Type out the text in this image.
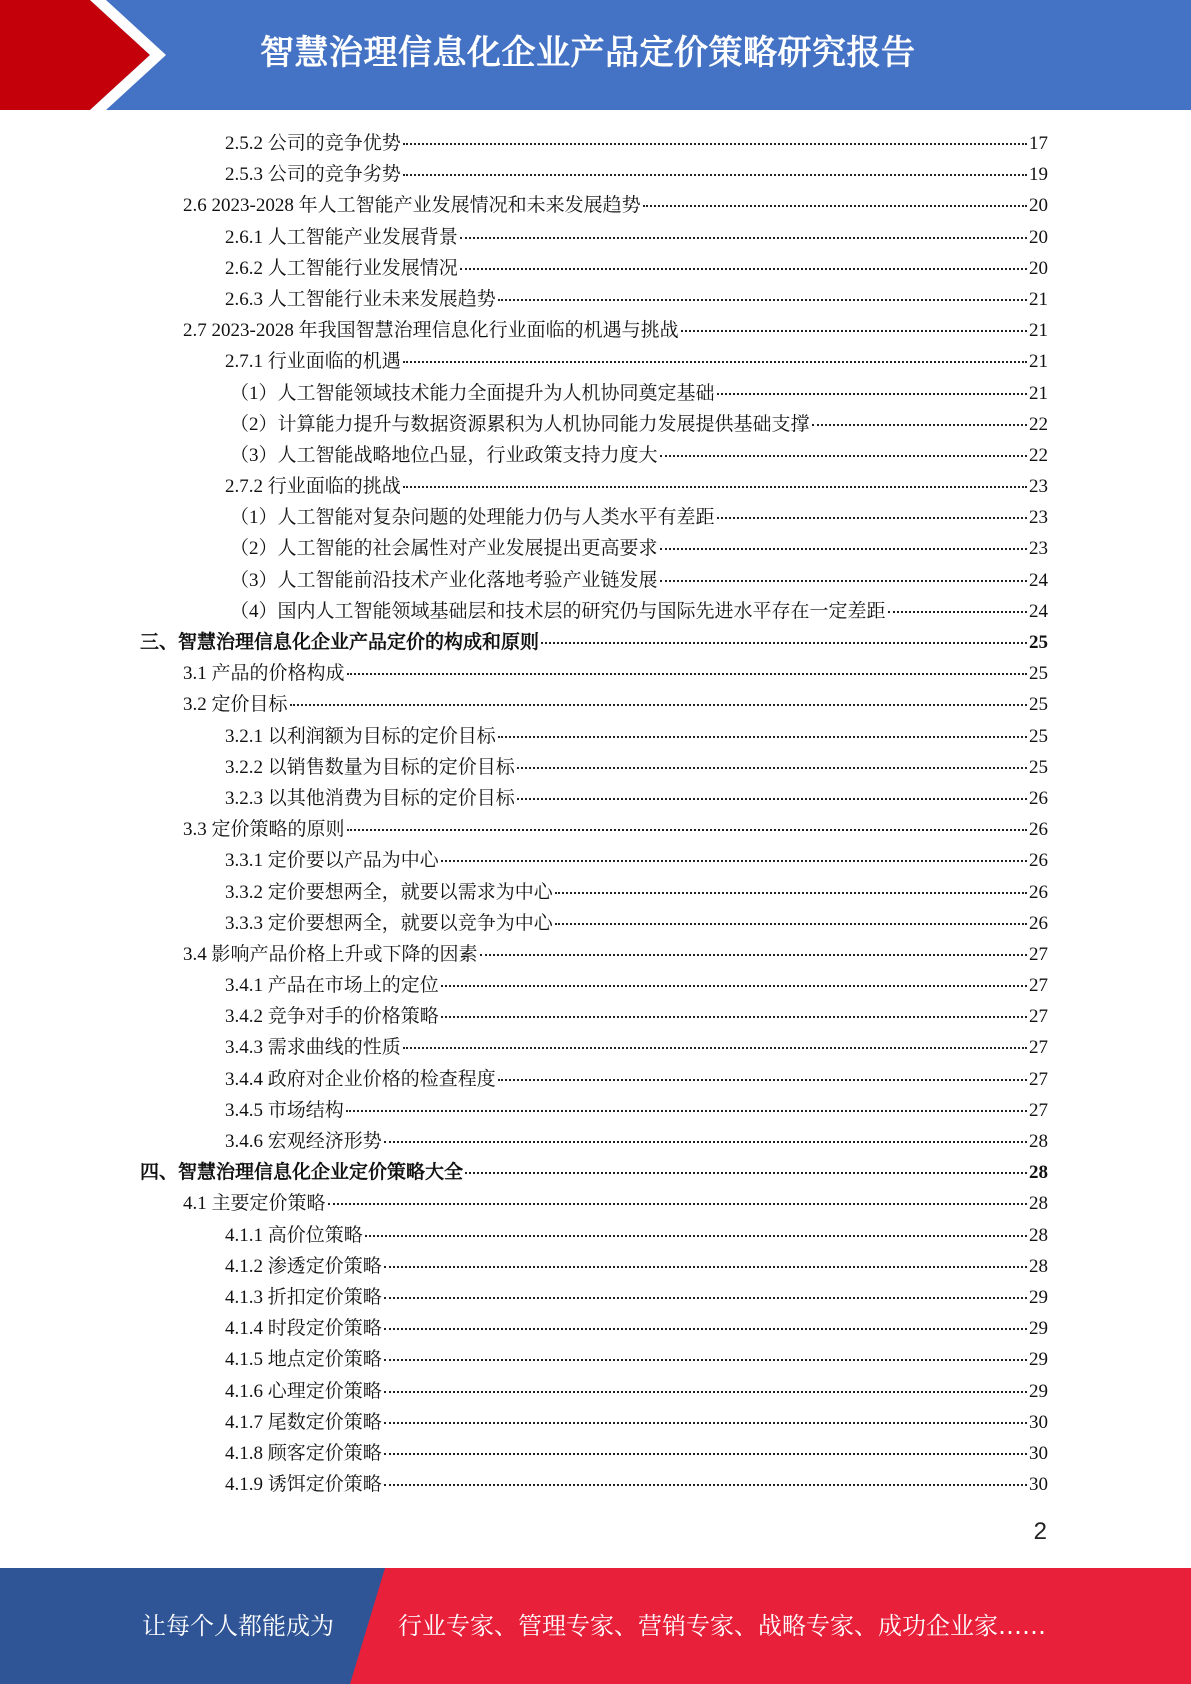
智慧治理信息化企业产品定价策略研究报告
2.5.2 公司的竞争优势	17
2.5.3 公司的竞争劣势	19
2.6 2023-2028 年人工智能产业发展情况和未来发展趋势	20
2.6.1 人工智能产业发展背景	20
2.6.2 人工智能行业发展情况	20
2.6.3 人工智能行业未来发展趋势	21
2.7 2023-2028 年我国智慧治理信息化行业面临的机遇与挑战	21
2.7.1 行业面临的机遇	21
（1）人工智能领域技术能力全面提升为人机协同奠定基础	21
（2）计算能力提升与数据资源累积为人机协同能力发展提供基础支撑	22
（3）人工智能战略地位凸显，行业政策支持力度大	22
2.7.2 行业面临的挑战	23
（1）人工智能对复杂问题的处理能力仍与人类水平有差距	23
（2）人工智能的社会属性对产业发展提出更高要求	23
（3）人工智能前沿技术产业化落地考验产业链发展	24
（4）国内人工智能领域基础层和技术层的研究仍与国际先进水平存在一定差距	24
三、智慧治理信息化企业产品定价的构成和原则	25
3.1 产品的价格构成	25
3.2 定价目标	25
3.2.1 以利润额为目标的定价目标	25
3.2.2 以销售数量为目标的定价目标	25
3.2.3 以其他消费为目标的定价目标	26
3.3 定价策略的原则	26
3.3.1 定价要以产品为中心	26
3.3.2 定价要想两全，就要以需求为中心	26
3.3.3 定价要想两全，就要以竞争为中心	26
3.4 影响产品价格上升或下降的因素	27
3.4.1 产品在市场上的定位	27
3.4.2 竞争对手的价格策略	27
3.4.3 需求曲线的性质	27
3.4.4 政府对企业价格的检查程度	27
3.4.5 市场结构	27
3.4.6 宏观经济形势	28
四、智慧治理信息化企业定价策略大全	28
4.1 主要定价策略	28
4.1.1 高价位策略	28
4.1.2 渗透定价策略	28
4.1.3 折扣定价策略	29
4.1.4 时段定价策略	29
4.1.5 地点定价策略	29
4.1.6 心理定价策略	29
4.1.7 尾数定价策略	30
4.1.8 顾客定价策略	30
4.1.9 诱饵定价策略	30
2
让每个人都能成为	行业专家、管理专家、营销专家、战略专家、成功企业家……
